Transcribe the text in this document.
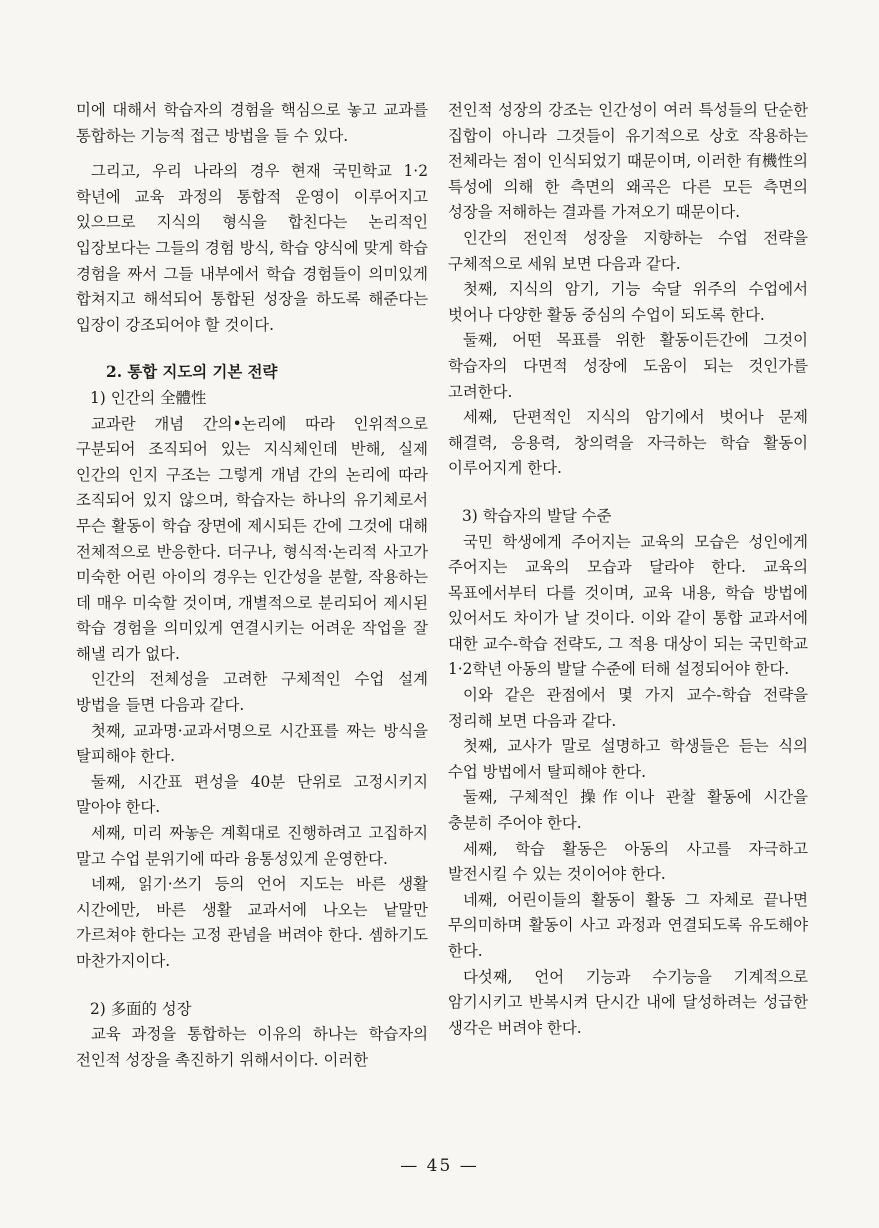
미에 대해서 학습자의 경험을 핵심으로 놓고 교과를 통합하는 기능적 접근 방법을 들 수 있다.

그리고, 우리 나라의 경우 현재 국민학교 1·2 학년에 교육 과정의 통합적 운영이 이루어지고 있으므로 지식의 형식을 합친다는 논리적인 입장보다는 그들의 경험 방식, 학습 양식에 맞게 학습 경험을 짜서 그들 내부에서 학습 경험들이 의미있게 합쳐지고 해석되어 통합된 성장을 하도록 해준다는 입장이 강조되어야 할 것이다.

2. 통합 지도의 기본 전략
1) 인간의 全體性

교과란 개념 간의•논리에 따라 인위적으로 구분되어 조직되어 있는 지식체인데 반해, 실제 인간의 인지 구조는 그렇게 개념 간의 논리에 따라 조직되어 있지 않으며, 학습자는 하나의 유기체로서 무슨 활동이 학습 장면에 제시되든 간에 그것에 대해 전체적으로 반응한다. 더구나, 형식적·논리적 사고가 미숙한 어린 아이의 경우는 인간성을 분할, 작용하는 데 매우 미숙할 것이며, 개별적으로 분리되어 제시된 학습 경험을 의미있게 연결시키는 어려운 작업을 잘 해낼 리가 없다.

인간의 전체성을 고려한 구체적인 수업 설계 방법을 들면 다음과 같다.

첫째, 교과명·교과서명으로 시간표를 짜는 방식을 탈피해야 한다.

둘째, 시간표 편성을 40분 단위로 고정시키지 말아야 한다.

세째, 미리 짜놓은 계획대로 진행하려고 고집하지 말고 수업 분위기에 따라 융통성있게 운영한다.

네째, 읽기·쓰기 등의 언어 지도는 바른 생활 시간에만, 바른 생활 교과서에 나오는 낱말만 가르쳐야 한다는 고정 관념을 버려야 한다. 셈하기도 마찬가지이다.

2) 多面的 성장

교육 과정을 통합하는 이유의 하나는 학습자의 전인적 성장을 촉진하기 위해서이다. 이러한

전인적 성장의 강조는 인간성이 여러 특성들의 단순한 집합이 아니라 그것들이 유기적으로 상호 작용하는 전체라는 점이 인식되었기 때문이며, 이러한 有機性의 특성에 의해 한 측면의 왜곡은 다른 모든 측면의 성장을 저해하는 결과를 가져오기 때문이다.

인간의 전인적 성장을 지향하는 수업 전략을 구체적으로 세워 보면 다음과 같다.

첫째, 지식의 암기, 기능 숙달 위주의 수업에서 벗어나 다양한 활동 중심의 수업이 되도록 한다.

둘째, 어떤 목표를 위한 활동이든간에 그것이 학습자의 다면적 성장에 도움이 되는 것인가를 고려한다.

세째, 단편적인 지식의 암기에서 벗어나 문제 해결력, 응용력, 창의력을 자극하는 학습 활동이 이루어지게 한다.

3) 학습자의 발달 수준

국민 학생에게 주어지는 교육의 모습은 성인에게 주어지는 교육의 모습과 달라야 한다. 교육의 목표에서부터 다를 것이며, 교육 내용, 학습 방법에 있어서도 차이가 날 것이다. 이와 같이 통합 교과서에 대한 교수-학습 전략도, 그 적용 대상이 되는 국민학교 1·2학년 아동의 발달 수준에 터해 설정되어야 한다.

이와 같은 관점에서 몇 가지 교수-학습 전략을 정리해 보면 다음과 같다.

첫째, 교사가 말로 설명하고 학생들은 듣는 식의 수업 방법에서 탈피해야 한다.

둘째, 구체적인 操作이나 관찰 활동에 시간을 충분히 주어야 한다.

세째, 학습 활동은 아동의 사고를 자극하고 발전시킬 수 있는 것이어야 한다.

네째, 어린이들의 활동이 활동 그 자체로 끝나면 무의미하며 활동이 사고 과정과 연결되도록 유도해야 한다.

다섯째, 언어 기능과 수기능을 기계적으로 암기시키고 반복시켜 단시간 내에 달성하려는 성급한 생각은 버려야 한다.

— 45 —
